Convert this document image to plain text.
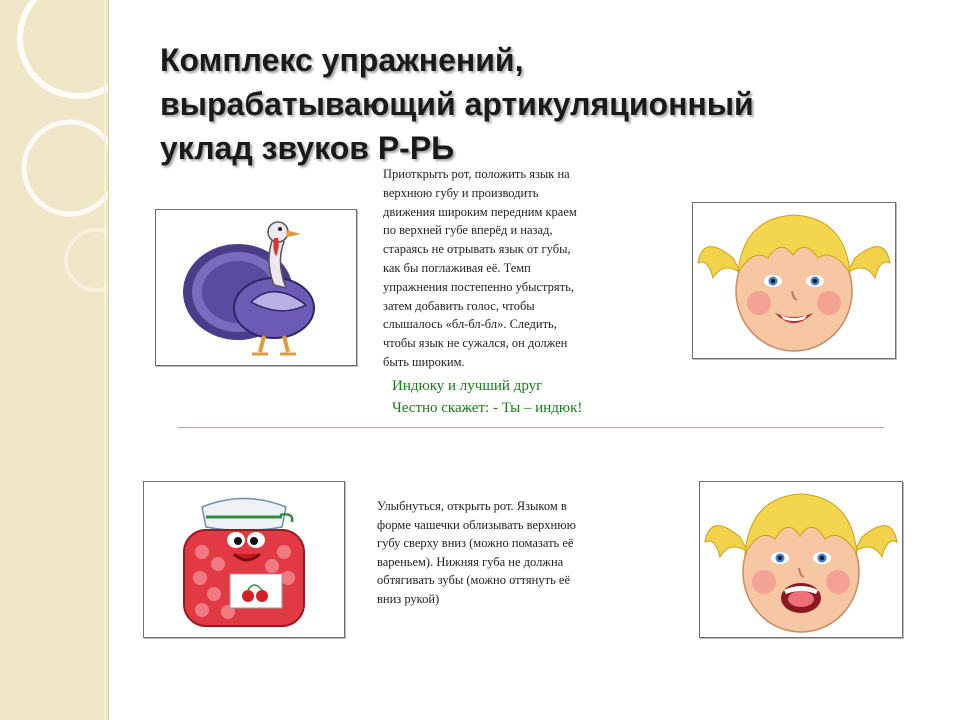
Комплекс упражнений,
вырабатывающий артикуляционный
уклад звуков Р-РЬ
Приоткрыть рот, положить язык на
верхнюю губу и производить
движения широким передним краем
по верхней губе вперёд и назад,
стараясь не отрывать язык от губы,
как бы поглаживая её. Темп
упражнения постепенно убыстрять,
затем добавить голос, чтобы
слышалось «бл-бл-бл». Следить,
чтобы язык не сужался, он должен
быть широким.
Индюку и лучший друг
Честно скажет: - Ты – индюк!
Улыбнуться, открыть рот. Языком в
форме чашечки облизывать верхнюю
губу сверху вниз (можно помазать её
вареньем). Нижняя губа не должна
обтягивать зубы (можно оттянуть её
вниз рукой)
